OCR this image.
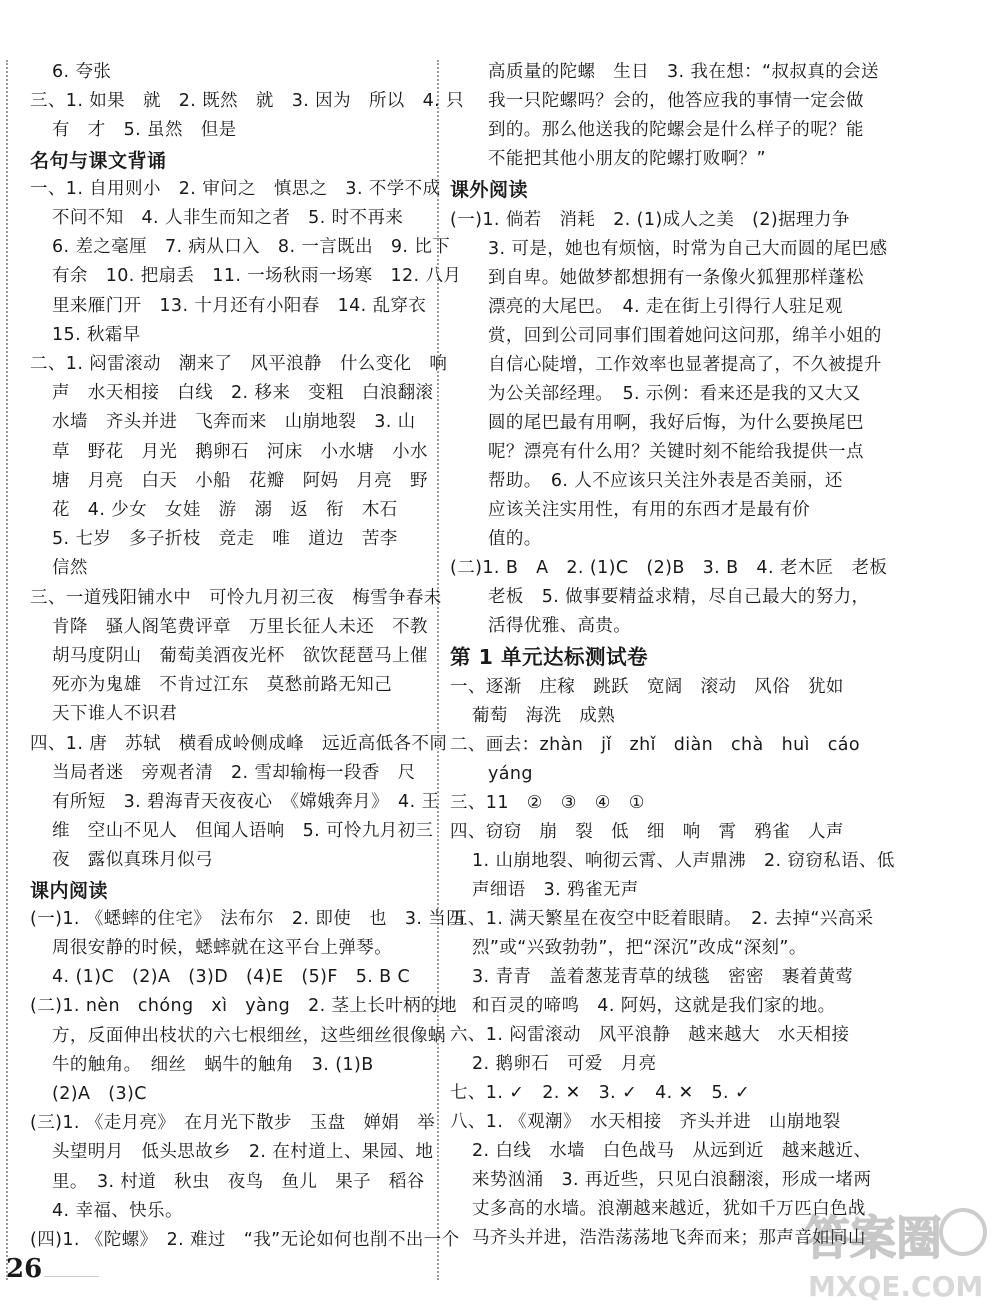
6. 夸张
三、1. 如果　就　2. 既然　就　3. 因为　所以　4. 只
有　才　5. 虽然　但是
名句与课文背诵
一、1. 自用则小　2. 审问之　慎思之　3. 不学不成
不问不知　4. 人非生而知之者　5. 时不再来
6. 差之毫厘　7. 病从口入　8. 一言既出　9. 比下
有余　10. 把扇丢　11. 一场秋雨一场寒　12. 八月
里来雁门开　13. 十月还有小阳春　14. 乱穿衣
15. 秋霜早
二、1. 闷雷滚动　潮来了　风平浪静　什么变化　响
声　水天相接　白线　2. 移来　变粗　白浪翻滚
水墙　齐头并进　飞奔而来　山崩地裂　3. 山
草　野花　月光　鹅卵石　河床　小水塘　小水
塘　月亮　白天　小船　花瓣　阿妈　月亮　野
花　4. 少女　女娃　游　溺　返　衔　木石
5. 七岁　多子折枝　竞走　唯　道边　苦李
信然
三、一道残阳铺水中　可怜九月初三夜　梅雪争春未
肯降　骚人阁笔费评章　万里长征人未还　不教
胡马度阴山　葡萄美酒夜光杯　欲饮琵琶马上催
死亦为鬼雄　不肯过江东　莫愁前路无知己
天下谁人不识君
四、1. 唐　苏轼　横看成岭侧成峰　远近高低各不同
当局者迷　旁观者清　2. 雪却输梅一段香　尺
有所短　3. 碧海青天夜夜心　《嫦娥奔月》　4. 王
维　空山不见人　但闻人语响　5. 可怜九月初三
夜　露似真珠月似弓
课内阅读
(一)1. 《蟋蟀的住宅》　法布尔　2. 即使　也　3. 当四
周很安静的时候，蟋蟀就在这平台上弹琴。
4. (1)C　(2)A　(3)D　(4)E　(5)F　5. B C
(二)1. nèn　chóng　xì　yàng　2. 茎上长叶柄的地
方，反面伸出枝状的六七根细丝，这些细丝很像蜗
牛的触角。　细丝　蜗牛的触角　3. (1)B
(2)A　(3)C
(三)1. 《走月亮》　在月光下散步　玉盘　婵娟　举
头望明月　低头思故乡　2. 在村道上、果园、地
里。　3. 村道　秋虫　夜鸟　鱼儿　果子　稻谷
4. 幸福、快乐。
(四)1. 《陀螺》　2. 难过　“我”无论如何也削不出一个
高质量的陀螺　生日　3. 我在想：“叔叔真的会送
我一只陀螺吗？会的，他答应我的事情一定会做
到的。那么他送我的陀螺会是什么样子的呢？能
不能把其他小朋友的陀螺打败啊？”
课外阅读
(一)1. 倘若　消耗　2. (1)成人之美　(2)据理力争
3. 可是，她也有烦恼，时常为自己大而圆的尾巴感
到自卑。她做梦都想拥有一条像火狐狸那样蓬松
漂亮的大尾巴。　4. 走在街上引得行人驻足观
赏，回到公司同事们围着她问这问那，绵羊小姐的
自信心陡增，工作效率也显著提高了，不久被提升
为公关部经理。　5. 示例：看来还是我的又大又
圆的尾巴最有用啊，我好后悔，为什么要换尾巴
呢？漂亮有什么用？关键时刻不能给我提供一点
帮助。　6. 人不应该只关注外表是否美丽，还
应该关注实用性，有用的东西才是最有价
值的。
(二)1. B　A　2. (1)C　(2)B　3. B　4. 老木匠　老板
老板　5. 做事要精益求精，尽自己最大的努力，
活得优雅、高贵。
第 1 单元达标测试卷
一、逐渐　庄稼　跳跃　宽阔　滚动　风俗　犹如
葡萄　海洗　成熟
二、画去：zhàn　jǐ　zhǐ　diàn　chà　huì　cáo
yáng
三、11　②　③　④　①
四、窃窃　崩　裂　低　细　响　霄　鸦雀　人声
1. 山崩地裂、响彻云霄、人声鼎沸　2. 窃窃私语、低
声细语　3. 鸦雀无声
五、1. 满天繁星在夜空中眨着眼睛。　2. 去掉“兴高采
烈”或“兴致勃勃”，把“深沉”改成“深刻”。
3. 青青　盖着葱茏青草的绒毯　密密　裹着黄莺
和百灵的啼鸣　4. 阿妈，这就是我们家的地。
六、1. 闷雷滚动　风平浪静　越来越大　水天相接
2. 鹅卵石　可爱　月亮
七、1. ✓　2. ✕　3. ✓　4. ✕　5. ✓
八、1. 《观潮》　水天相接　齐头并进　山崩地裂
2. 白线　水墙　白色战马　从远到近　越来越近、
来势汹涌　3. 再近些，只见白浪翻滚，形成一堵两
丈多高的水墙。浪潮越来越近，犹如千万匹白色战
马齐头并进，浩浩荡荡地飞奔而来；那声音如同山
26
答案圈
MXQE.COM
